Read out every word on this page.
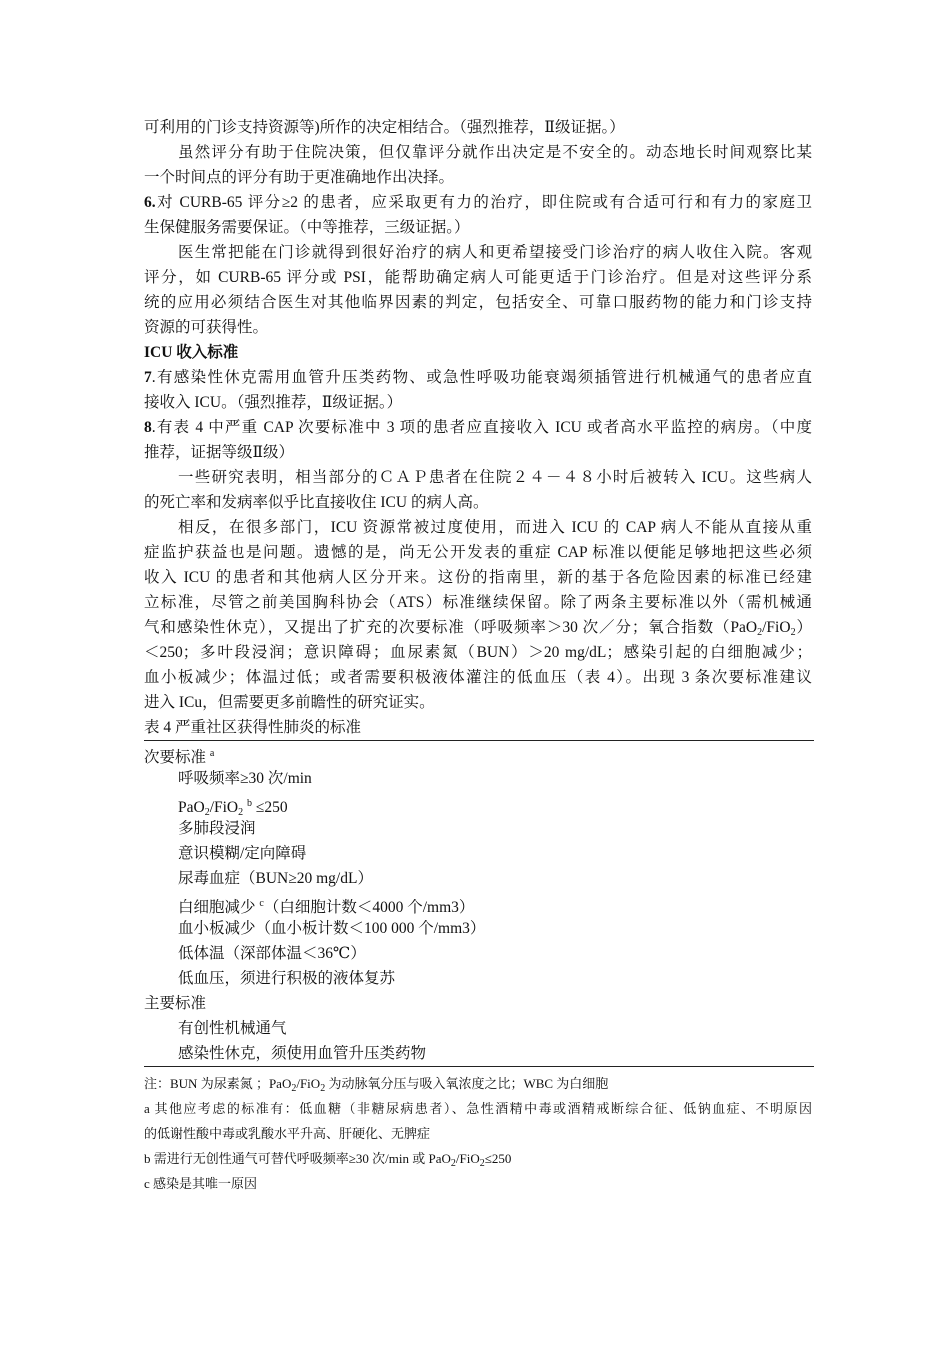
可利用的门诊支持资源等)所作的决定相结合。（强烈推荐，Ⅱ级证据。）
虽然评分有助于住院决策，但仅靠评分就作出决定是不安全的。动态地长时间观察比某
一个时间点的评分有助于更准确地作出决择。
6.对 CURB-65 评分≥2 的患者，应采取更有力的治疗，即住院或有合适可行和有力的家庭卫
生保健服务需要保证。（中等推荐，三级证据。）
医生常把能在门诊就得到很好治疗的病人和更希望接受门诊治疗的病人收住入院。客观
评分，如 CURB-65 评分或 PSI，能帮助确定病人可能更适于门诊治疗。但是对这些评分系
统的应用必须结合医生对其他临界因素的判定，包括安全、可靠口服药物的能力和门诊支持
资源的可获得性。
ICU 收入标准
7.有感染性休克需用血管升压类药物、或急性呼吸功能衰竭须插管进行机械通气的患者应直
接收入 ICU。（强烈推荐，Ⅱ级证据。）
8.有表 4 中严重 CAP 次要标准中 3 项的患者应直接收入 ICU 或者高水平监控的病房。（中度
推荐，证据等级Ⅱ级）
一些研究表明，相当部分的ＣＡＰ患者在住院２４－４８小时后被转入 ICU。这些病人
的死亡率和发病率似乎比直接收住 ICU 的病人高。
相反，在很多部门，ICU 资源常被过度使用，而进入 ICU 的 CAP 病人不能从直接从重
症监护获益也是问题。遗憾的是，尚无公开发表的重症 CAP 标准以便能足够地把这些必须
收入 ICU 的患者和其他病人区分开来。这份的指南里，新的基于各危险因素的标准已经建
立标准，尽管之前美国胸科协会（ATS）标准继续保留。除了两条主要标准以外（需机械通
气和感染性休克），又提出了扩充的次要标准（呼吸频率＞30 次／分；氧合指数（PaO$_2$/FiO$_2$）
＜250；多叶段浸润；意识障碍；血尿素氮（BUN）＞20 mg/dL；感染引起的白细胞减少；
血小板减少；体温过低；或者需要积极液体灌注的低血压（表 4）。出现 3 条次要标准建议
进入 ICu，但需要更多前瞻性的研究证实。
表 4 严重社区获得性肺炎的标准
次要标准 $^a$
呼吸频率≥30 次/min
PaO$_2$/FiO$_2$ $^b$ ≤250
多肺段浸润
意识模糊/定向障碍
尿毒血症（BUN≥20 mg/dL）
白细胞减少 $^c$（白细胞计数＜4000 个/mm3）
血小板减少（血小板计数＜100 000 个/mm3）
低体温（深部体温＜36℃）
低血压，须进行积极的液体复苏
主要标准
有创性机械通气
感染性休克，须使用血管升压类药物
注：BUN 为尿素氮 ；PaO$_2$/FiO$_2$ 为动脉氧分压与吸入氧浓度之比；WBC 为白细胞
a 其他应考虑的标准有：低血糖（非糖尿病患者）、急性酒精中毒或酒精戒断综合征、低钠血症、不明原因
的低谢性酸中毒或乳酸水平升高、肝硬化、无脾症
b 需进行无创性通气可替代呼吸频率≥30 次/min 或 PaO$_2$/FiO$_2$≤250
c 感染是其唯一原因
